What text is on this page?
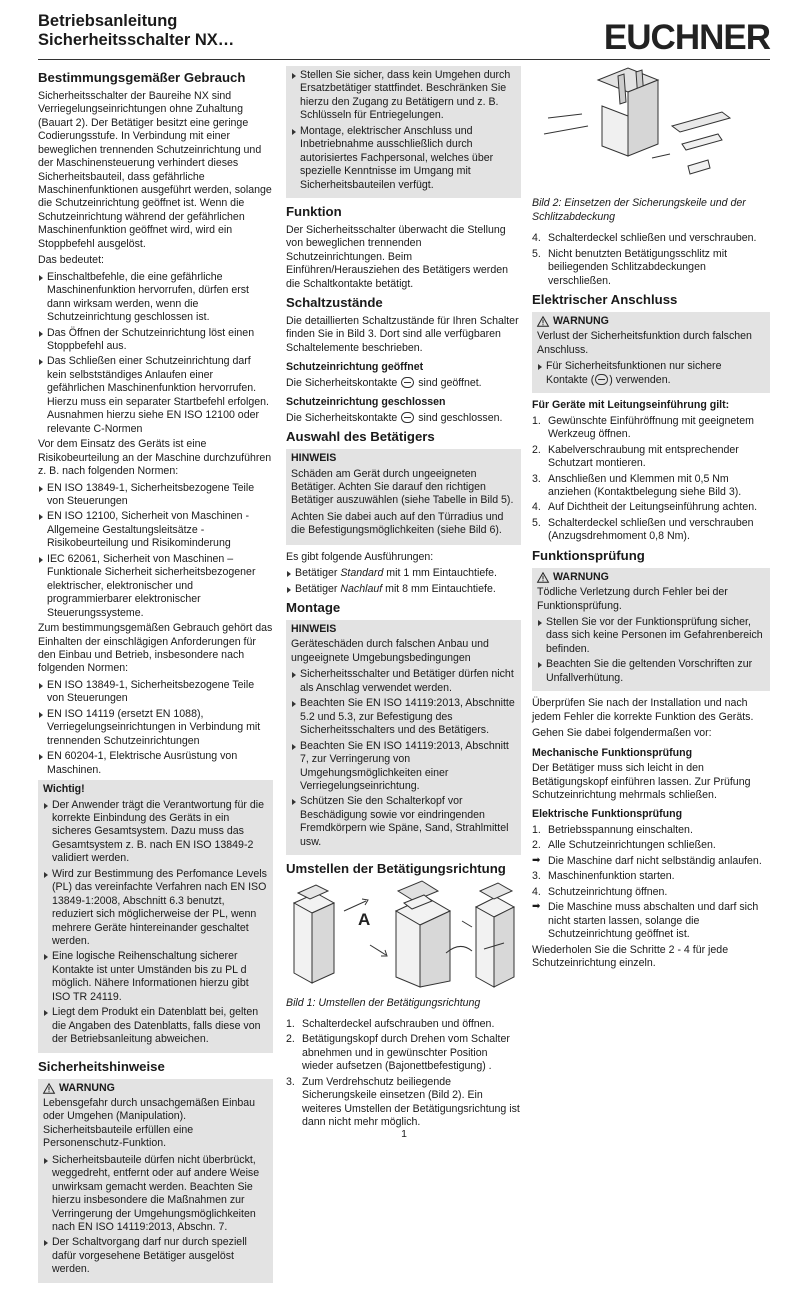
Betriebsanleitung
Sicherheitsschalter NX…	EUCHNER
Bestimmungsgemäßer Gebrauch

Sicherheitsschalter der Baureihe NX sind Verriegelungseinrichtungen ohne Zuhaltung (Bauart 2). Der Betätiger besitzt eine geringe Codierungsstufe. In Verbindung mit einer beweglichen trennenden Schutzeinrichtung und der Maschinensteuerung verhindert dieses Sicherheitsbauteil, dass gefährliche Maschinenfunktionen ausgeführt werden, solange die Schutzeinrichtung geöffnet ist. Wenn die Schutzeinrichtung während der gefährlichen Maschinenfunktion geöffnet wird, wird ein Stoppbefehl ausgelöst.

Das bedeutet:

Einschaltbefehle, die eine gefährliche Maschinenfunktion hervorrufen, dürfen erst dann wirksam werden, wenn die Schutzeinrichtung geschlossen ist.
Das Öffnen der Schutzeinrichtung löst einen Stoppbefehl aus.
Das Schließen einer Schutzeinrichtung darf kein selbstständiges Anlaufen einer gefährlichen Maschinenfunktion hervorrufen. Hierzu muss ein separater Startbefehl erfolgen. Ausnahmen hierzu siehe EN ISO 12100 oder relevante C-Normen

Vor dem Einsatz des Geräts ist eine Risikobeurteilung an der Maschine durchzuführen z. B. nach folgenden Normen:

EN ISO 13849-1, Sicherheitsbezogene Teile von Steuerungen
EN ISO 12100, Sicherheit von Maschinen - Allgemeine Gestaltungsleitsätze - Risikobeurteilung und Risikominderung
IEC 62061, Sicherheit von Maschinen – Funktionale Sicherheit sicherheitsbezogener elektrischer, elektronischer und programmierbarer elektronischer Steuerungssysteme.

Zum bestimmungsgemäßen Gebrauch gehört das Einhalten der einschlägigen Anforderungen für den Einbau und Betrieb, insbesondere nach folgenden Normen:

EN ISO 13849-1, Sicherheitsbezogene Teile von Steuerungen
EN ISO 14119 (ersetzt EN 1088), Verriegelungseinrichtungen in Verbindung mit trennenden Schutzeinrichtungen
EN 60204-1, Elektrische Ausrüstung von Maschinen.
Wichtig!
Der Anwender trägt die Verantwortung für die korrekte Einbindung des Geräts in ein sicheres Gesamtsystem. Dazu muss das Gesamtsystem z. B. nach EN ISO 13849-2 validiert werden.
Wird zur Bestimmung des Perfomance Levels (PL) das vereinfachte Verfahren nach EN ISO 13849-1:2008, Abschnitt 6.3 benutzt, reduziert sich möglicherweise der PL, wenn mehrere Geräte hintereinander geschaltet werden.
Eine logische Reihenschaltung sicherer Kontakte ist unter Umständen bis zu PL d möglich. Nähere Informationen hierzu gibt ISO TR 24119.
Liegt dem Produkt ein Datenblatt bei, gelten die Angaben des Datenblatts, falls diese von der Betriebsanleitung abweichen.
Sicherheitshinweise
WARNUNG

Lebensgefahr durch unsachgemäßen Einbau oder Umgehen (Manipulation). Sicherheitsbauteile erfüllen eine Personenschutz-Funktion.

Sicherheitsbauteile dürfen nicht überbrückt, weggedreht, entfernt oder auf andere Weise unwirksam gemacht werden. Beachten Sie hierzu insbesondere die Maßnahmen zur Verringerung der Umgehungsmöglichkeiten nach EN ISO 14119:2013, Abschn. 7.
Der Schaltvorgang darf nur durch speziell dafür vorgesehene Betätiger ausgelöst werden.
Stellen Sie sicher, dass kein Umgehen durch Ersatzbetätiger stattfindet. Beschränken Sie hierzu den Zugang zu Betätigern und z. B. Schlüsseln für Entriegelungen.
Montage, elektrischer Anschluss und Inbetriebnahme ausschließlich durch autorisiertes Fachpersonal, welches über spezielle Kenntnisse im Umgang mit Sicherheitsbauteilen verfügt.
Funktion

Der Sicherheitsschalter überwacht die Stellung von beweglichen trennenden Schutzeinrichtungen. Beim Einführen/Herausziehen des Betätigers werden die Schaltkontakte betätigt.

Schaltzustände

Die detaillierten Schaltzustände für Ihren Schalter finden Sie in Bild 3. Dort sind alle verfügbaren Schaltelemente beschrieben.

Schutzeinrichtung geöffnet

Die Sicherheitskontakte sind geöffnet.

Schutzeinrichtung geschlossen

Die Sicherheitskontakte sind geschlossen.

Auswahl des Betätigers
HINWEIS

Schäden am Gerät durch ungeeigneten Betätiger. Achten Sie darauf den richtigen Betätiger auszuwählen (siehe Tabelle in Bild 5).

Achten Sie dabei auch auf den Türradius und die Befestigungsmöglichkeiten (siehe Bild 6).

Es gibt folgende Ausführungen:

Betätiger Standard mit 1 mm Eintauchtiefe.
Betätiger Nachlauf mit 8 mm Eintauchtiefe.
Montage
HINWEIS

Geräteschäden durch falschen Anbau und ungeeignete Umgebungsbedingungen

Sicherheitsschalter und Betätiger dürfen nicht als Anschlag verwendet werden.
Beachten Sie EN ISO 14119:2013, Abschnitte 5.2 und 5.3, zur Befestigung des Sicherheitsschalters und des Betätigers.
Beachten Sie EN ISO 14119:2013, Abschnitt 7, zur Verringerung von Umgehungsmöglichkeiten einer Verriegelungseinrichtung.
Schützen Sie den Schalterkopf vor Beschädigung sowie vor eindringenden Fremdkörpern wie Späne, Sand, Strahlmittel usw.
Umstellen der Betätigungsrichtung
A
Bild 1: Umstellen der Betätigungsrichtung
1. Schalterdeckel aufschrauben und öffnen.
2. Betätigungskopf durch Drehen vom Schalter abnehmen und in gewünschter Position wieder aufsetzen (Bajonettbefestigung) .
3. Zum Verdrehschutz beiliegende Sicherungskeile einsetzen (Bild 2). Ein weiteres Umstellen der Betätigungsrichtung ist dann nicht mehr möglich.
Bild 2: Einsetzen der Sicherungskeile und der Schlitzabdeckung
4. Schalterdeckel schließen und verschrauben.
5. Nicht benutzten Betätigungsschlitz mit beiliegenden Schlitzabdeckungen verschließen.
Elektrischer Anschluss
WARNUNG

Verlust der Sicherheitsfunktion durch falschen Anschluss.

Für Sicherheitsfunktionen nur sichere Kontakte ( ) verwenden.
Für Geräte mit Leitungseinführung gilt:
1. Gewünschte Einführöffnung mit geeignetem Werkzeug öffnen.
2. Kabelverschraubung mit entsprechender Schutzart montieren.
3. Anschließen und Klemmen mit 0,5 Nm anziehen (Kontaktbelegung siehe Bild 3).
4. Auf Dichtheit der Leitungseinführung achten.
5. Schalterdeckel schließen und verschrauben (Anzugsdrehmoment 0,8 Nm).
Funktionsprüfung
WARNUNG

Tödliche Verletzung durch Fehler bei der Funktionsprüfung.

Stellen Sie vor der Funktionsprüfung sicher, dass sich keine Personen im Gefahrenbereich befinden.
Beachten Sie die geltenden Vorschriften zur Unfallverhütung.

Überprüfen Sie nach der Installation und nach jedem Fehler die korrekte Funktion des Geräts.

Gehen Sie dabei folgendermaßen vor:

Mechanische Funktionsprüfung

Der Betätiger muss sich leicht in den Betätigungskopf einführen lassen. Zur Prüfung Schutzeinrichtung mehrmals schließen.

Elektrische Funktionsprüfung
1. Betriebsspannung einschalten.
2. Alle Schutzeinrichtungen schließen.
➡ Die Maschine darf nicht selbständig anlaufen.
3. Maschinenfunktion starten.
4. Schutzeinrichtung öffnen.
➡ Die Maschine muss abschalten und darf sich nicht starten lassen, solange die Schutzeinrichtung geöffnet ist.

Wiederholen Sie die Schritte 2 - 4 für jede Schutzeinrichtung einzeln.

1
